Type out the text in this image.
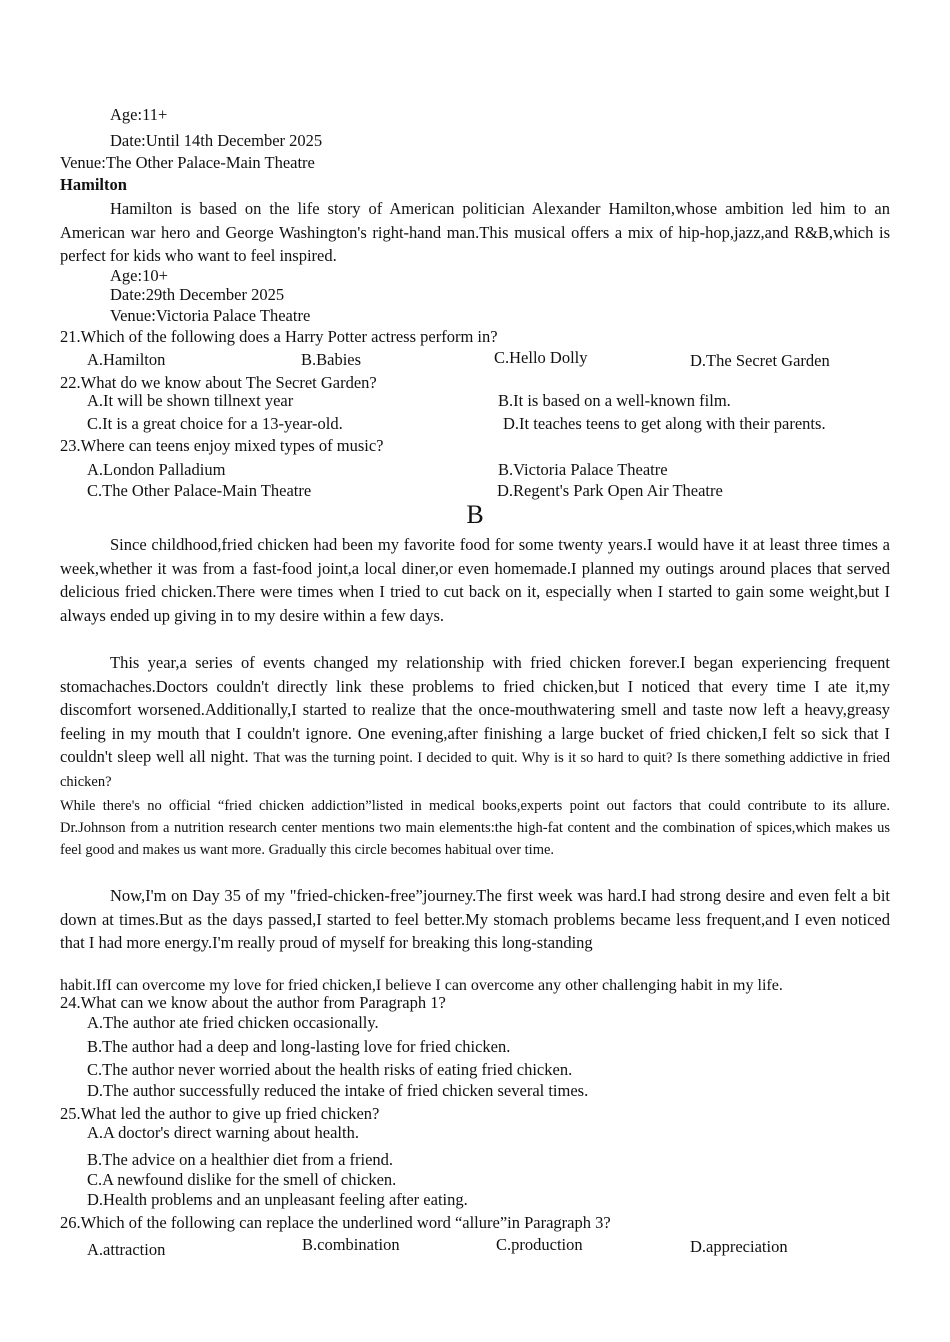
Age:11+
Date:Until 14th December 2025
Venue:The Other Palace-Main Theatre
Hamilton
Hamilton is based on the life story of American politician Alexander Hamilton,whose ambition led him to an American war hero and George Washington's right-hand man.This musical offers a mix of hip-hop,jazz,and R&B,which is perfect for kids who want to feel inspired.
Age:10+
Date:29th December 2025
Venue:Victoria Palace Theatre
21.Which of the following does a Harry Potter actress perform in?
A.Hamilton	B.Babies	C.Hello Dolly	D.The Secret Garden
22.What do we know about The Secret Garden?
A.It will be shown tillnext year	B.It is based on a well-known film.
C.It is a great choice for a 13-year-old.	D.It teaches teens to get along with their parents.
23.Where can teens enjoy mixed types of music?
A.London Palladium	B.Victoria Palace Theatre
C.The Other Palace-Main Theatre	D.Regent's Park Open Air Theatre
B
Since childhood,fried chicken had been my favorite food for some twenty years.I would have it at least three times a week,whether it was from a fast-food joint,a local diner,or even homemade.I planned my outings around places that served delicious fried chicken.There were times when I tried to cut back on it, especially when I started to gain some weight,but I always ended up giving in to my desire within a few days.
This year,a series of events changed my relationship with fried chicken forever.I began experiencing frequent stomachaches.Doctors couldn't directly link these problems to fried chicken,but I noticed that every time I ate it,my discomfort worsened.Additionally,I started to realize that the once-mouthwatering smell and taste now left a heavy,greasy feeling in my mouth that I couldn't ignore. One evening,after finishing a large bucket of fried chicken,I felt so sick that I couldn't sleep well all night. That was the turning point. I decided to quit. Why is it so hard to quit? Is there something addictive in fried chicken?
While there's no official “fried chicken addiction”listed in medical books,experts point out factors that could contribute to its allure. Dr.Johnson from a nutrition research center mentions two main elements:the high-fat content and the combination of spices,which makes us feel good and makes us want more. Gradually this circle becomes habitual over time.
Now,I'm on Day 35 of my "fried-chicken-free”journey.The first week was hard.I had strong desire and even felt a bit down at times.But as the days passed,I started to feel better.My stomach problems became less frequent,and I even noticed that I had more energy.I'm really proud of myself for breaking this long-standing
habit.IfI can overcome my love for fried chicken,I believe I can overcome any other challenging habit in my life.
24.What can we know about the author from Paragraph 1?
A.The author ate fried chicken occasionally.
B.The author had a deep and long-lasting love for fried chicken.
C.The author never worried about the health risks of eating fried chicken.
D.The author successfully reduced the intake of fried chicken several times.
25.What led the author to give up fried chicken?
A.A doctor's direct warning about health.
B.The advice on a healthier diet from a friend.
C.A newfound dislike for the smell of chicken.
D.Health problems and an unpleasant feeling after eating.
26.Which of the following can replace the underlined word “allure”in Paragraph 3?
A.attraction	B.combination	C.production	D.appreciation
